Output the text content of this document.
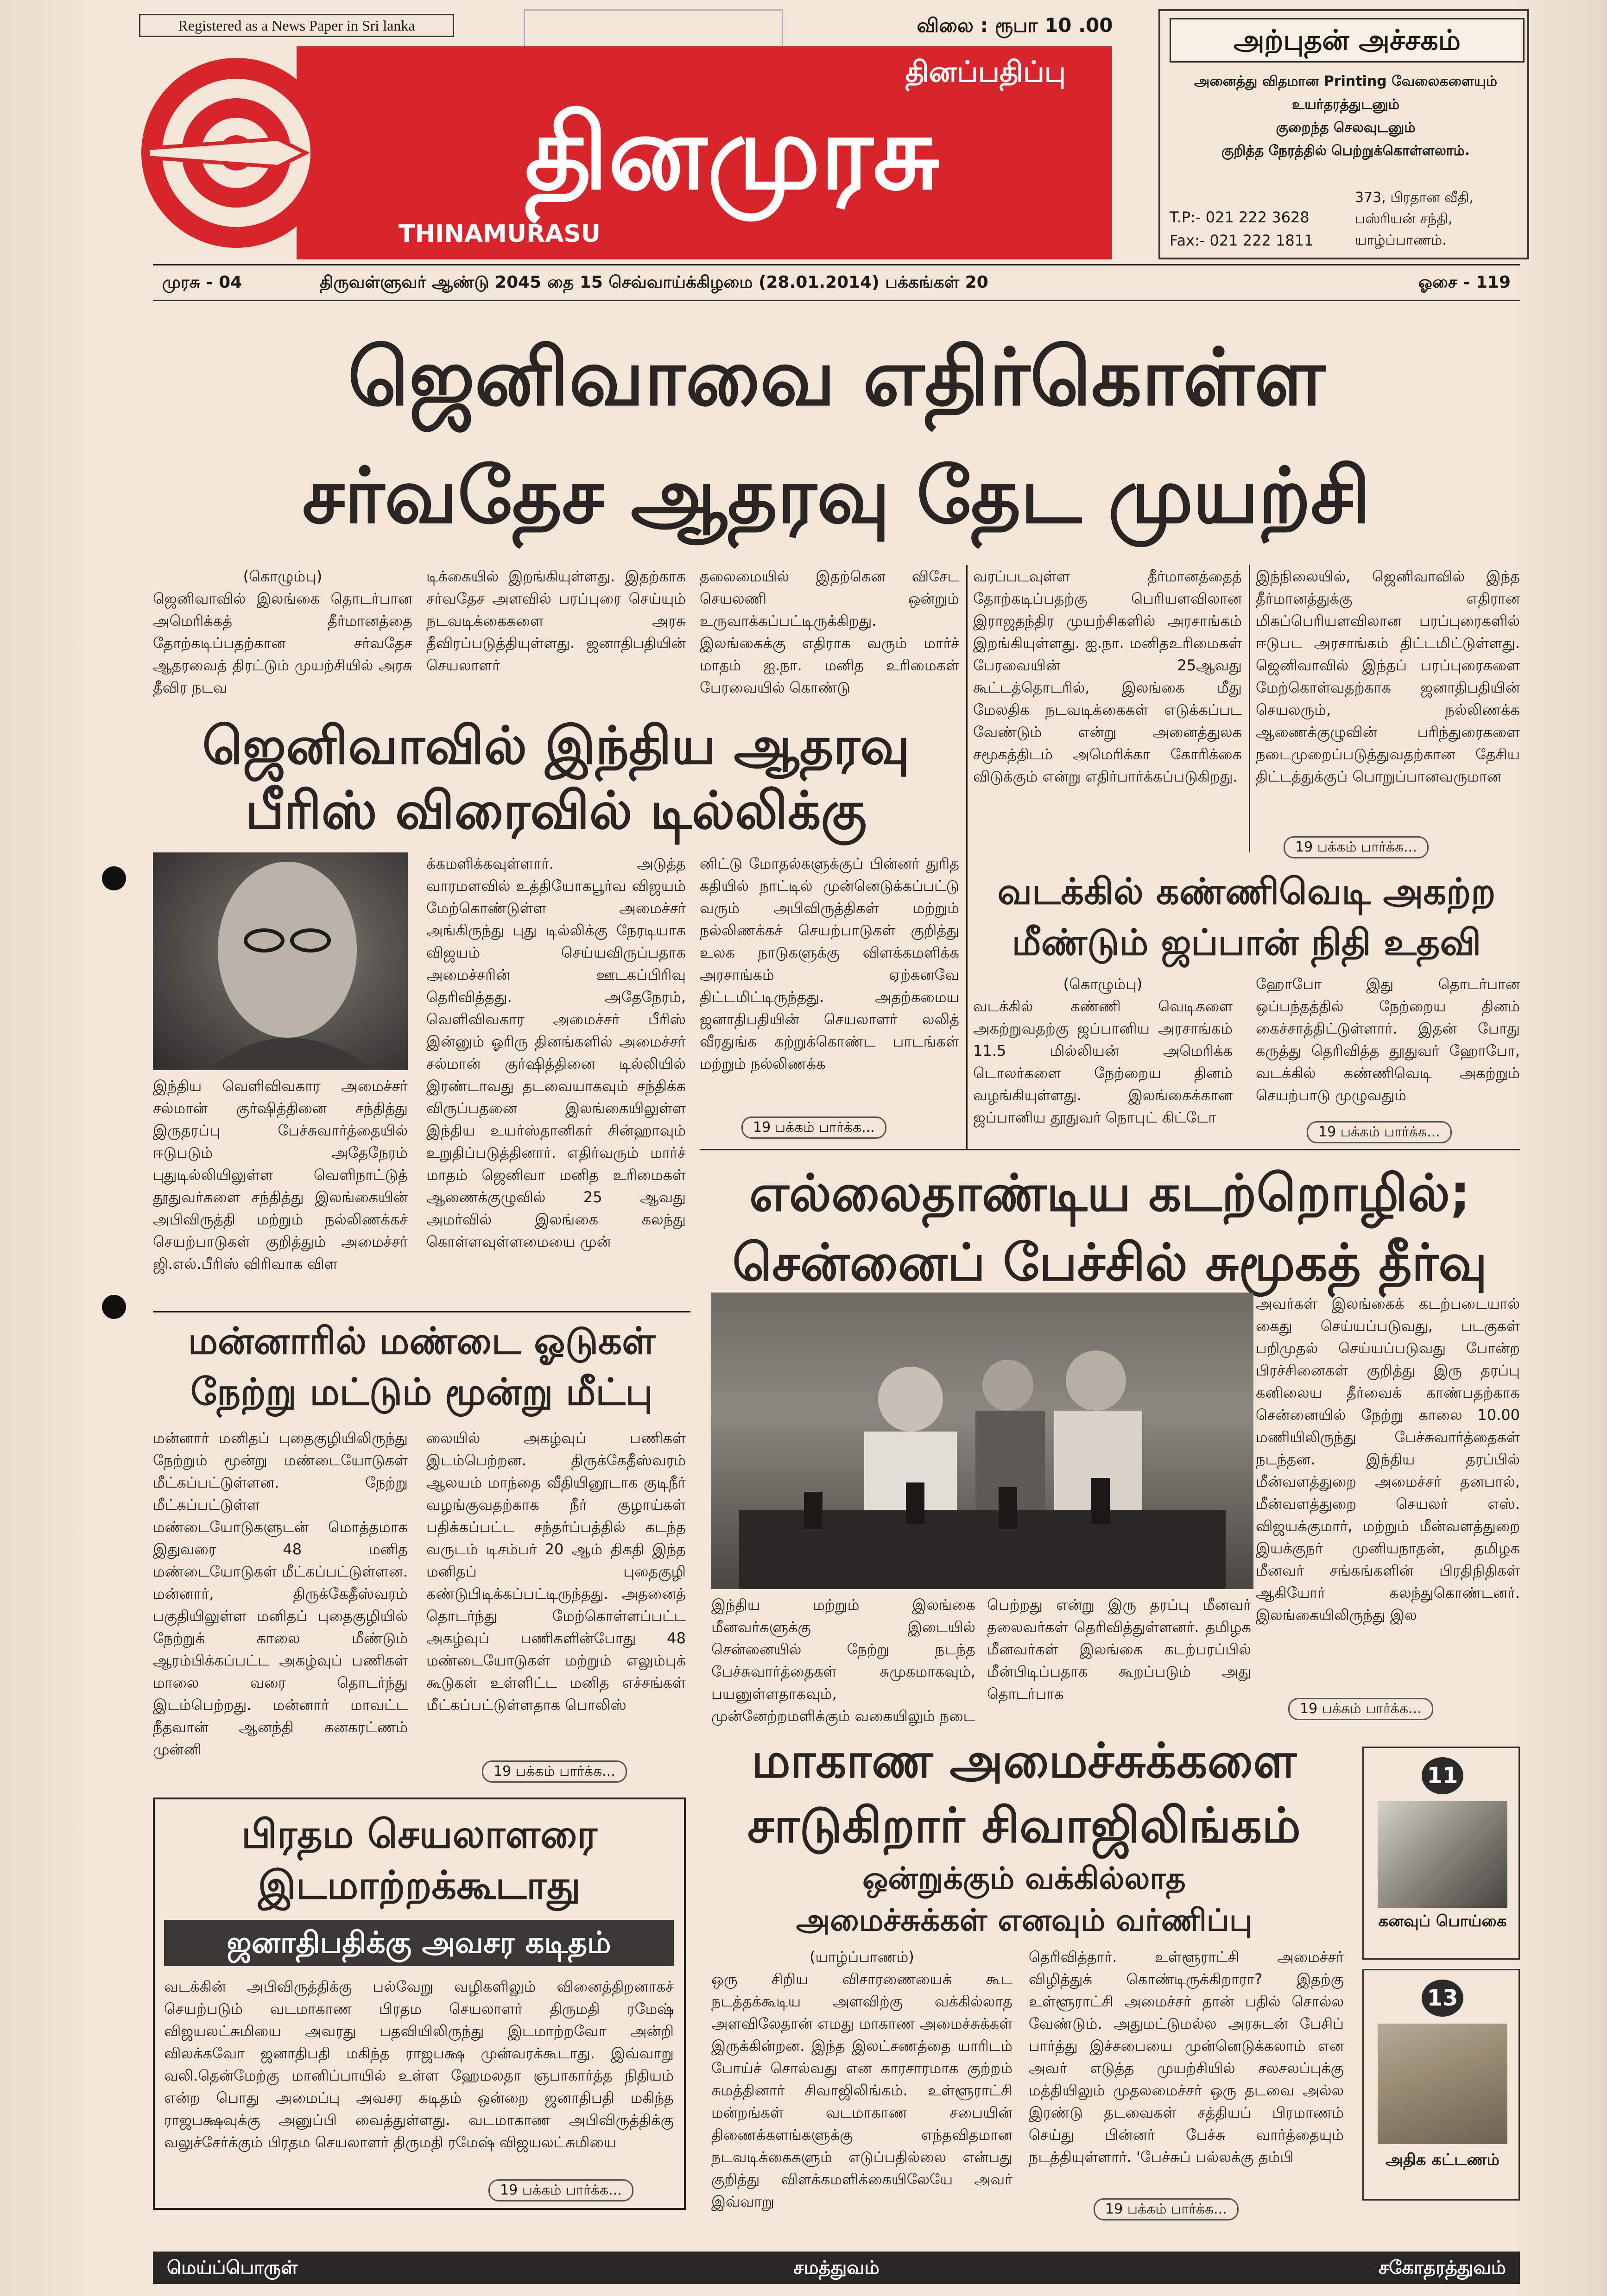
Registered as a News Paper in Sri lanka	விலை : ரூபா 10 .00
தினப்பதிப்பு
தினமுரசு
THINAMURASU
அற்புதன் அச்சகம்
அனைத்து விதமான Printing வேலைகளையும்
உயர்தரத்துடனும்
குறைந்த செலவுடனும்
குறித்த நேரத்தில் பெற்றுக்கொள்ளலாம்.
T.P:- 021 222 3628
Fax:- 021 222 1811
373, பிரதான வீதி,
பஸ்ரியன் சந்தி,
யாழ்ப்பாணம்.
முரசு - 04	திருவள்ளுவர் ஆண்டு 2045 தை 15 செவ்வாய்க்கிழமை (28.01.2014) பக்கங்கள் 20	ஓசை - 119
ஜெனிவாவை எதிர்கொள்ள
சர்வதேச ஆதரவு தேட முயற்சி

(கொழும்பு)

ஜெனிவாவில் இலங்கை தொடர்பான அமெரிக்கத் தீர்மானத்தை தோற்கடிப்பதற்கான சர்வதேச ஆதரவைத் திரட்டும் முயற்சியில் அரசு தீவிர நடவ

டிக்கையில் இறங்கியுள்ளது. இதற்காக சர்வதேச அளவில் பரப்புரை செய்யும் நடவடிக்கைகளை அரசு தீவிரப்படுத்தியுள்ளது. ஜனாதிபதியின் செயலாளர்

தலைமையில் இதற்கென விசேட செயலணி ஒன்றும் உருவாக்கப்பட்டிருக்கிறது. இலங்கைக்கு எதிராக வரும் மார்ச் மாதம் ஐ.நா. மனித உரிமைகள் பேரவையில் கொண்டு

வரப்படவுள்ள தீர்மானத்தைத் தோற்கடிப்பதற்கு பெரியளவிலான இராஜதந்திர முயற்சிகளில் அரசாங்கம் இறங்கியுள்ளது. ஐ.நா. மனிதஉரிமைகள் பேரவையின் 25ஆவது கூட்டத்தொடரில், இலங்கை மீது மேலதிக நடவடிக்கைகள் எடுக்கப்பட வேண்டும் என்று அனைத்துலக சமூகத்திடம் அமெரிக்கா கோரிக்கை விடுக்கும் என்று எதிர்பார்க்கப்படுகிறது.

இந்நிலையில், ஜெனிவாவில் இந்த தீர்மானத்துக்கு எதிரான மிகப்பெரியளவிலான பரப்புரைகளில் ஈடுபட அரசாங்கம் திட்டமிட்டுள்ளது. ஜெனிவாவில் இந்தப் பரப்புரைகளை மேற்கொள்வதற்காக ஜனாதிபதியின் செயலரும், நல்லிணக்க ஆணைக்குழுவின் பரிந்துரைகளை நடைமுறைப்படுத்துவதற்கான தேசிய திட்டத்துக்குப் பொறுப்பானவருமான

19 பக்கம் பார்க்க...
ஜெனிவாவில் இந்திய ஆதரவு
பீரிஸ் விரைவில் டில்லிக்கு

இந்திய வெளிவிவகார அமைச்சர் சல்மான் குர்ஷித்தினை சந்தித்து இருதரப்பு பேச்சுவார்த்தையில் ஈடுபடும் அதேநேரம் புதுடில்லியிலுள்ள வெளிநாட்டுத் தூதுவர்களை சந்தித்து இலங்கையின் அபிவிருத்தி மற்றும் நல்லிணக்கச் செயற்பாடுகள் குறித்தும் அமைச்சர் ஜி.எல்.பீரிஸ் விரிவாக விள

க்கமளிக்கவுள்ளார். அடுத்த வாரமளவில் உத்தியோகபூர்வ விஜயம் மேற்கொண்டுள்ள அமைச்சர் அங்கிருந்து புது டில்லிக்கு நேரடியாக விஜயம் செய்யவிருப்பதாக அமைச்சரின் ஊடகப்பிரிவு தெரிவித்தது. அதேநேரம், வெளிவிவகார அமைச்சர் பீரிஸ் இன்னும் ஓரிரு தினங்களில் அமைச்சர் சல்மான் குர்ஷித்தினை டில்லியில் இரண்டாவது தடவையாகவும் சந்திக்க விருப்பதனை இலங்கையிலுள்ள இந்திய உயர்ஸ்தானிகர் சின்ஹாவும் உறுதிப்படுத்தினார். எதிர்வரும் மார்ச் மாதம் ஜெனிவா மனித உரிமைகள் ஆணைக்குழுவில் 25 ஆவது அமர்வில் இலங்கை கலந்து கொள்ளவுள்ளமையை முன்

னிட்டு மோதல்களுக்குப் பின்னர் துரித கதியில் நாட்டில் முன்னெடுக்கப்பட்டு வரும் அபிவிருத்திகள் மற்றும் நல்லிணக்கச் செயற்பாடுகள் குறித்து உலக நாடுகளுக்கு விளக்கமளிக்க அரசாங்கம் ஏற்கனவே திட்டமிட்டிருந்தது. அதற்கமைய ஜனாதிபதியின் செயலாளர் லலித் வீரதுங்க கற்றுக்கொண்ட பாடங்கள் மற்றும் நல்லிணக்க

19 பக்கம் பார்க்க...
வடக்கில் கண்ணிவெடி அகற்ற
மீண்டும் ஜப்பான் நிதி உதவி

(கொழும்பு)

வடக்கில் கண்ணி வெடிகளை அகற்றுவதற்கு ஜப்பானிய அரசாங்கம் 11.5 மில்லியன் அமெரிக்க டொலர்களை நேற்றைய தினம் வழங்கியுள்ளது. இலங்கைக்கான ஜப்பானிய தூதுவர் நொபுட் கிட்டோ

ஹோபோ இது தொடர்பான ஒப்பந்தத்தில் நேற்றைய தினம் கைச்சாத்திட்டுள்ளார். இதன் போது கருத்து தெரிவித்த தூதுவர் ஹோபோ, வடக்கில் கண்ணிவெடி அகற்றும் செயற்பாடு முழுவதும்

19 பக்கம் பார்க்க...
மன்னாரில் மண்டை ஓடுகள்
நேற்று மட்டும் மூன்று மீட்பு

மன்னார் மனிதப் புதைகுழியிலிருந்து நேற்றும் மூன்று மண்டையோடுகள் மீட்கப்பட்டுள்ளன. நேற்று மீட்கப்பட்டுள்ள மண்டையோடுகளுடன் மொத்தமாக இதுவரை 48 மனித மண்டையோடுகள் மீட்கப்பட்டுள்ளன. மன்னார், திருக்கேதீஸ்வரம் பகுதியிலுள்ள மனிதப் புதைகுழியில் நேற்றுக் காலை மீண்டும் ஆரம்பிக்கப்பட்ட அகழ்வுப் பணிகள் மாலை வரை தொடர்ந்து இடம்பெற்றது. மன்னார் மாவட்ட நீதவான் ஆனந்தி கனகரட்ணம் முன்னி

லையில் அகழ்வுப் பணிகள் இடம்பெற்றன. திருக்கேதீஸ்வரம் ஆலயம் மாந்தை வீதியினூடாக குடிநீர் வழங்குவதற்காக நீர் குழாய்கள் பதிக்கப்பட்ட சந்தர்ப்பத்தில் கடந்த வருடம் டிசம்பர் 20 ஆம் திகதி இந்த மனிதப் புதைகுழி கண்டுபிடிக்கப்பட்டிருந்தது. அதனைத் தொடர்ந்து மேற்கொள்ளப்பட்ட அகழ்வுப் பணிகளின்போது 48 மண்டையோடுகள் மற்றும் எலும்புக் கூடுகள் உள்ளிட்ட மனித எச்சங்கள் மீட்கப்பட்டுள்ளதாக பொலிஸ்

19 பக்கம் பார்க்க...
எல்லைதாண்டிய கடற்றொழில்;
சென்னைப் பேச்சில் சுமூகத் தீர்வு

அவர்கள் இலங்கைக் கடற்படையால் கைது செய்யப்படுவது, படகுகள் பறிமுதல் செய்யப்படுவது போன்ற பிரச்சினைகள் குறித்து இரு தரப்பு கனிலைய தீர்வைக் காண்பதற்காக சென்னையில் நேற்று காலை 10.00 மணியிலிருந்து பேச்சுவார்த்தைகள் நடந்தன. இந்திய தரப்பில் மீன்வளத்துறை அமைச்சர் தனபால், மீன்வளத்துறை செயலர் எஸ். விஜயக்குமார், மற்றும் மீன்வளத்துறை இயக்குநர் முனியநாதன், தமிழக மீனவர் சங்கங்களின் பிரதிநிதிகள் ஆகியோர் கலந்துகொண்டனர். இலங்கையிலிருந்து இல

இந்திய மற்றும் இலங்கை மீனவர்களுக்கு இடையில் சென்னையில் நேற்று நடந்த பேச்சுவார்த்தைகள் சுமுகமாகவும், பயனுள்ளதாகவும், முன்னேற்றமளிக்கும் வகையிலும் நடை

பெற்றது என்று இரு தரப்பு மீனவர் தலைவர்கள் தெரிவித்துள்ளனர். தமிழக மீனவர்கள் இலங்கை கடற்பரப்பில் மீன்பிடிப்பதாக கூறப்படும் அது தொடர்பாக

19 பக்கம் பார்க்க...
பிரதம செயலாளரை
இடமாற்றக்கூடாது
ஜனாதிபதிக்கு அவசர கடிதம்

வடக்கின் அபிவிருத்திக்கு பல்வேறு வழிகளிலும் வினைத்திறனாகச் செயற்படும் வடமாகாண பிரதம செயலாளர் திருமதி ரமேஷ் விஜயலட்சுமியை அவரது பதவியிலிருந்து இடமாற்றவோ அன்றி விலக்கவோ ஜனாதிபதி மகிந்த ராஜபக்ஷ முன்வரக்கூடாது. இவ்வாறு வலி.தென்மேற்கு மானிப்பாயில் உள்ள ஹேமலதா ஞபாகார்த்த நிதியம் என்ற பொது அமைப்பு அவசர கடிதம் ஒன்றை ஜனாதிபதி மகிந்த ராஜபக்ஷவுக்கு அனுப்பி வைத்துள்ளது. வடமாகாண அபிவிருத்திக்கு வலுச்சேர்க்கும் பிரதம செயலாளர் திருமதி ரமேஷ் விஜயலட்சுமியை

19 பக்கம் பார்க்க...
மாகாண அமைச்சுக்களை
சாடுகிறார் சிவாஜிலிங்கம்
ஒன்றுக்கும் வக்கில்லாத
அமைச்சுக்கள் எனவும் வர்ணிப்பு

(யாழ்ப்பாணம்)

ஒரு சிறிய விசாரணையைக் கூட நடத்தக்கூடிய அளவிற்கு வக்கில்லாத அளவிலேதான் எமது மாகாண அமைச்சுக்கள் இருக்கின்றன. இந்த இலட்சணத்தை யாரிடம் போய்ச் சொல்வது என காரசாரமாக குற்றம் சுமத்தினார் சிவாஜிலிங்கம். உள்ளூராட்சி மன்றங்கள் வடமாகாண சபையின் திணைக்களங்களுக்கு எந்தவிதமான நடவடிக்கைகளும் எடுப்பதில்லை என்பது குறித்து விளக்கமளிக்கையிலேயே அவர் இவ்வாறு

தெரிவித்தார். உள்ளூராட்சி அமைச்சர் விழித்துக் கொண்டிருக்கிறாரா? இதற்கு உள்ளூராட்சி அமைச்சர் தான் பதில் சொல்ல வேண்டும். அதுமட்டுமல்ல அரசுடன் பேசிப் பார்த்து இச்சபையை முன்னெடுக்கலாம் என அவர் எடுத்த முயற்சியில் சலசலப்புக்கு மத்தியிலும் முதலமைச்சர் ஒரு தடவை அல்ல இரண்டு தடவைகள் சத்தியப் பிரமாணம் செய்து பின்னர் பேச்சு வார்த்தையும் நடத்தியுள்ளார். 'பேச்சுப் பல்லக்கு தம்பி

19 பக்கம் பார்க்க...
11
கனவுப் பொய்கை
13
அதிக கட்டணம்
மெய்ப்பொருள்	சமத்துவம்	சகோதரத்துவம்
